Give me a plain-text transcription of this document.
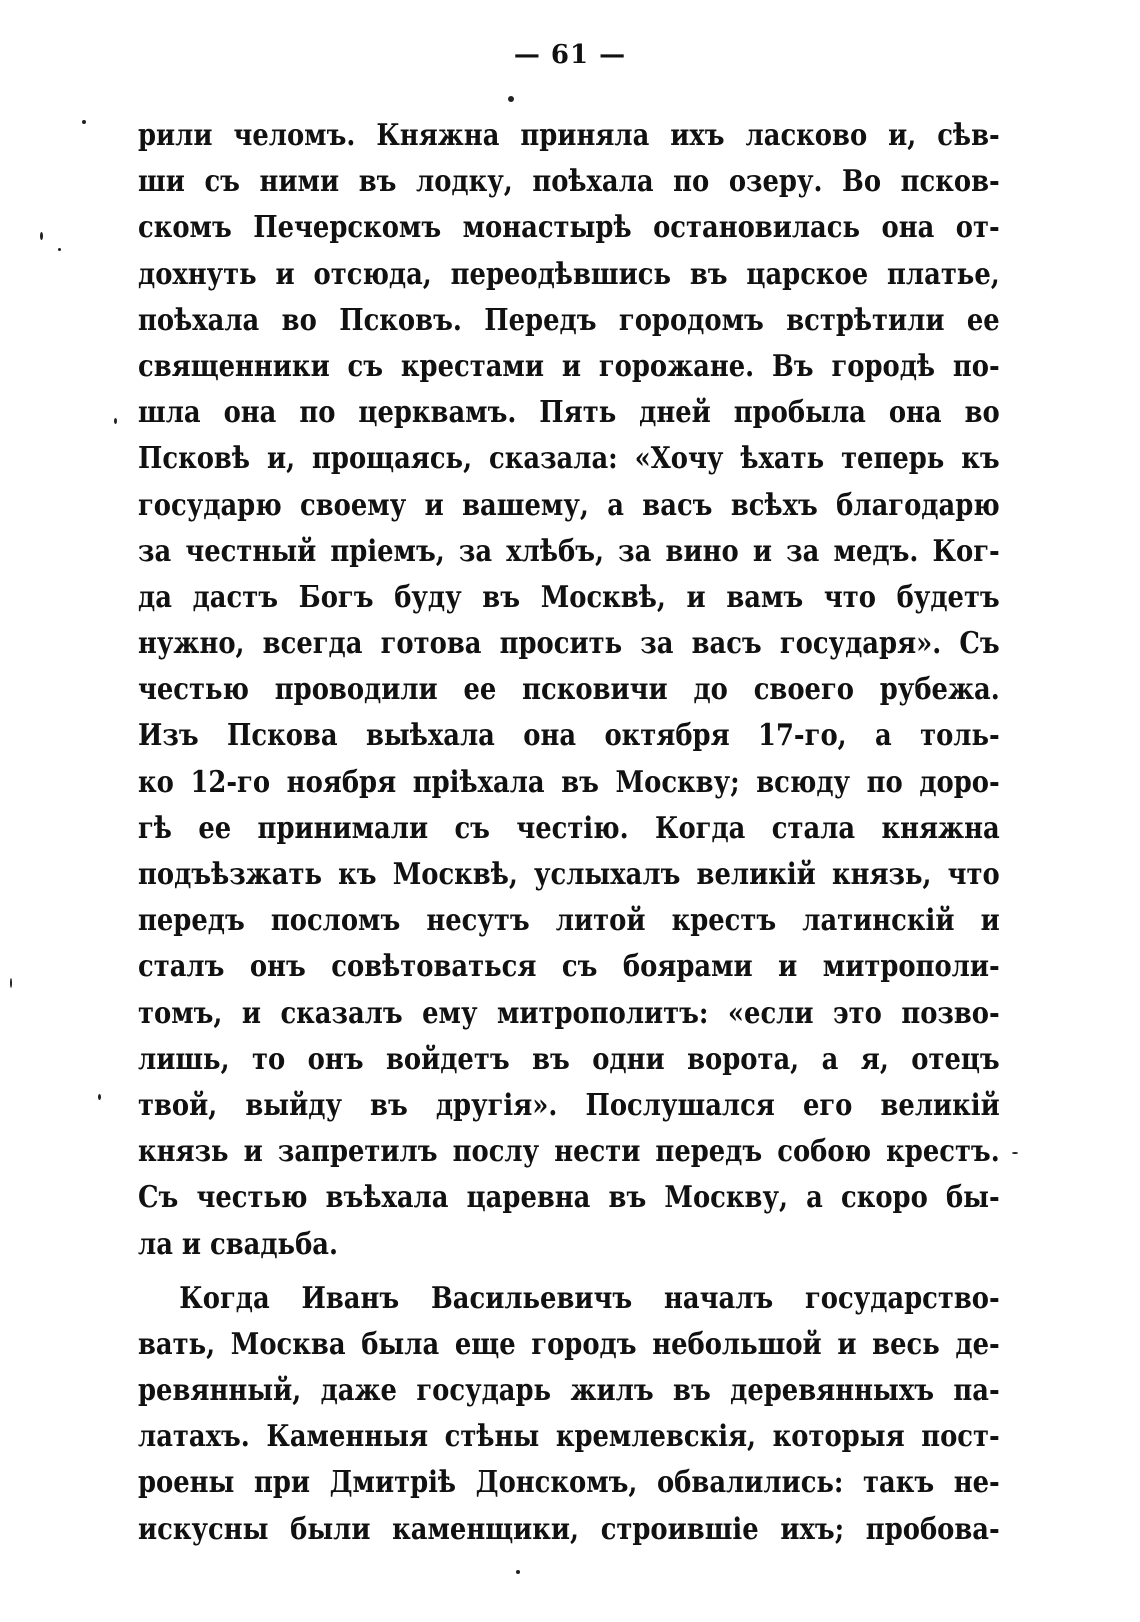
— 61 —
рили челомъ. Княжна приняла ихъ ласково и, сѣв-
ши съ ними въ лодку, поѣхала по озеру. Во псков-
скомъ Печерскомъ монастырѣ остановилась она от-
дохнуть и отсюда, переодѣвшись въ царское платье,
поѣхала во Псковъ. Передъ городомъ встрѣтили ее
священники съ крестами и горожане. Въ городѣ по-
шла она по церквамъ. Пять дней пробыла она во
Псковѣ и, прощаясь, сказала: «Хочу ѣхать теперь къ
государю своему и вашему, а васъ всѣхъ благодарю
за честный пріемъ, за хлѣбъ, за вино и за медъ. Ког-
да дастъ Богъ буду въ Москвѣ, и вамъ что будетъ
нужно, всегда готова просить за васъ государя». Съ
честью проводили ее псковичи до своего рубежа.
Изъ Пскова выѣхала она октября 17-го, а толь-
ко 12-го ноября пріѣхала въ Москву; всюду по доро-
гѣ ее принимали съ честію. Когда стала княжна
подъѣзжать къ Москвѣ, услыхалъ великій князь, что
передъ посломъ несутъ литой крестъ латинскій и
сталъ онъ совѣтоваться съ боярами и митрополи-
томъ, и сказалъ ему митрополитъ: «если это позво-
лишь, то онъ войдетъ въ одни ворота, а я, отецъ
твой, выйду въ другія». Послушался его великій
князь и запретилъ послу нести передъ собою крестъ.
Съ честью въѣхала царевна въ Москву, а скоро бы-
ла и свадьба.
Когда Иванъ Васильевичъ началъ государство-
вать, Москва была еще городъ небольшой и весь де-
ревянный, даже государь жилъ въ деревянныхъ па-
латахъ. Каменныя стѣны кремлевскія, которыя пост-
роены при Дмитріѣ Донскомъ, обвалились: такъ не-
искусны были каменщики, строившіе ихъ; пробова-
